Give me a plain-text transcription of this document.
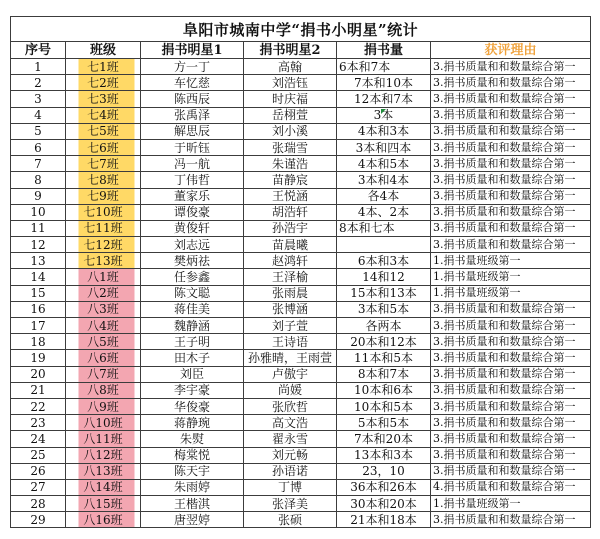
阜阳市城南中学“捐书小明星”统计					
序号	班级	捐书明星1	捐书明星2	捐书量	获评理由
1	七1班	方一丁	高翰	6本和7本	3.捐书质量和和数量综合第一
2	七2班	车忆慈	刘浩钰	7本和10本	3.捐书质量和和数量综合第一
3	七3班	陈西辰	时庆福	12本和7本	3.捐书质量和和数量综合第一
4	七4班	张禹泽	岳栩萱	3本	3.捐书质量和和数量综合第一
5	七5班	解思辰	刘小溪	4本和3本	3.捐书质量和和数量综合第一
6	七6班	于昕钰	张瑞雪	3本和四本	3.捐书质量和和数量综合第一
7	七7班	冯一航	朱谨浩	4本和5本	3.捐书质量和和数量综合第一
8	七8班	丁伟哲	苗静宸	3本和4本	3.捐书质量和和数量综合第一
9	七9班	董家乐	王悦涵	各4本	3.捐书质量和和数量综合第一
10	七10班	谭俊豪	胡浩轩	4本、2本	3.捐书质量和和数量综合第一
11	七11班	黄俊轩	孙浩宇	8本和七本	3.捐书质量和和数量综合第一
12	七12班	刘志远	苗晨曦		3.捐书质量和和数量综合第一
13	七13班	樊炳祛	赵鸿轩	6本和3本	1.捐书量班级第一
14	八1班	任参鑫	王泽榆	14和12	1.捐书量班级第一
15	八2班	陈文聪	张雨晨	15本和13本	1.捐书量班级第一
16	八3班	蒋佳美	张博涵	3本和5本	3.捐书质量和和数量综合第一
17	八4班	魏静涵	刘子萱	各两本	3.捐书质量和和数量综合第一
18	八5班	王子明	王诗语	20本和12本	3.捐书质量和和数量综合第一
19	八6班	田木子	孙雅晴，王雨萱	11本和5本	3.捐书质量和和数量综合第一
20	八7班	刘臣	卢傲宇	8本和7本	3.捐书质量和和数量综合第一
21	八8班	李宇豪	尚媛	10本和6本	3.捐书质量和和数量综合第一
22	八9班	华俊豪	张欣哲	10本和5本	3.捐书质量和和数量综合第一
23	八10班	蒋静琬	高文浩	5本和5本	3.捐书质量和和数量综合第一
24	八11班	朱熨	翟永雪	7本和20本	3.捐书质量和和数量综合第一
25	八12班	梅棠悦	刘元畅	13本和3本	3.捐书质量和和数量综合第一
26	八13班	陈天宇	孙语诺	23，10	3.捐书质量和和数量综合第一
27	八14班	朱雨婷	丁博	36本和26本	4.捐书质量和和数量综合第一
28	八15班	王楷淇	张泽美	30本和20本	1.捐书量班级第一
29	八16班	唐翌婷	张硕	21本和18本	3.捐书质量和和数量综合第一
